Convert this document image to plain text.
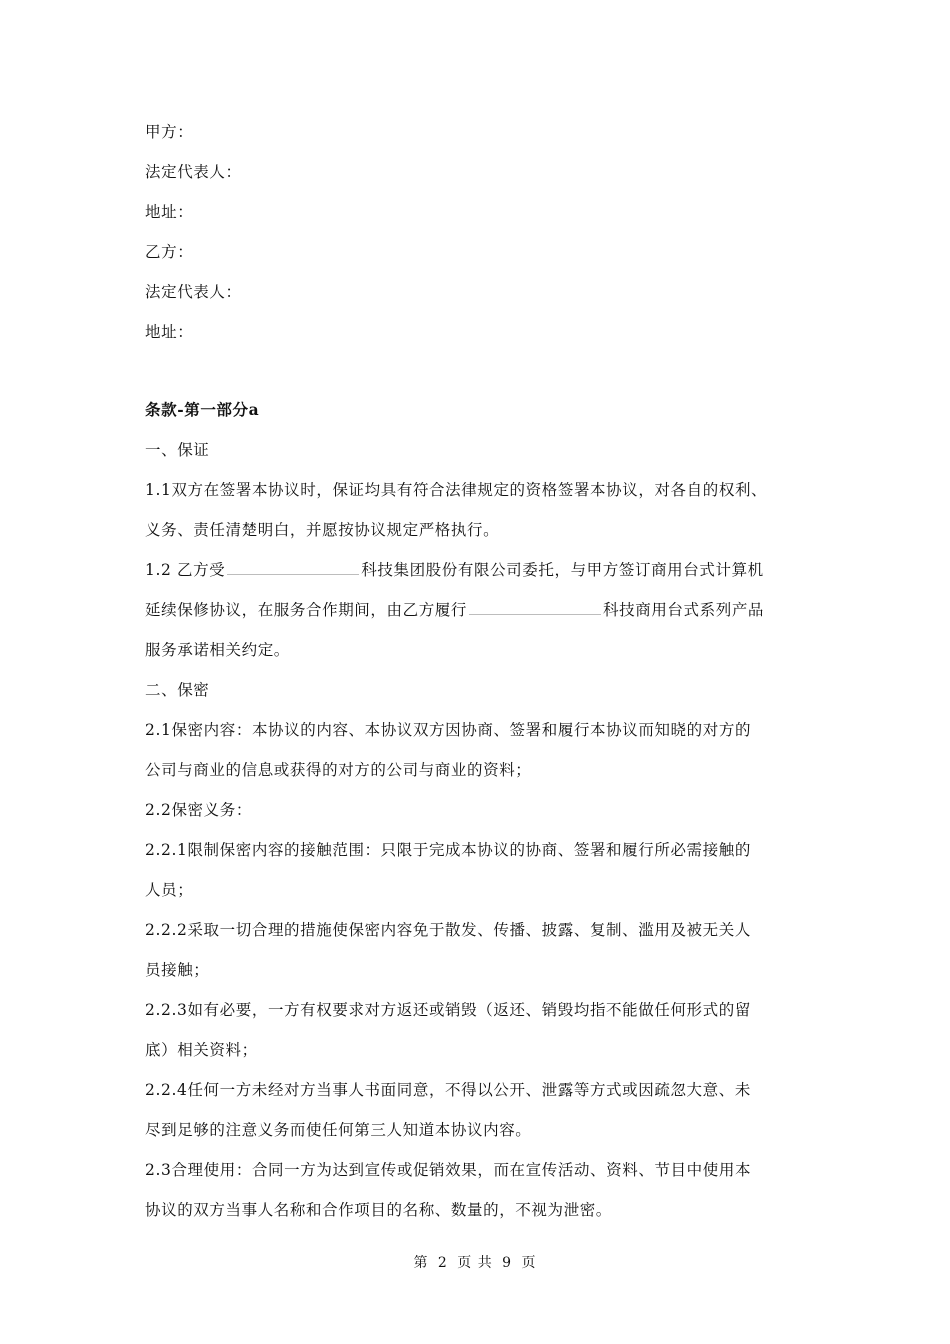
甲方：
法定代表人：
地址：
乙方：
法定代表人：
地址：
条款-第一部分a
一、保证
1.1双方在签署本协议时，保证均具有符合法律规定的资格签署本协议，对各自的权利、
义务、责任清楚明白，并愿按协议规定严格执行。
1.2 乙方受	科技集团股份有限公司委托，与甲方签订商用台式计算机
延续保修协议，在服务合作期间，由乙方履行	科技商用台式系列产品
服务承诺相关约定。
二、保密
2.1保密内容：本协议的内容、本协议双方因协商、签署和履行本协议而知晓的对方的
公司与商业的信息或获得的对方的公司与商业的资料；
2.2保密义务：
2.2.1限制保密内容的接触范围：只限于完成本协议的协商、签署和履行所必需接触的
人员；
2.2.2采取一切合理的措施使保密内容免于散发、传播、披露、复制、滥用及被无关人
员接触；
2.2.3如有必要，一方有权要求对方返还或销毁（返还、销毁均指不能做任何形式的留
底）相关资料；
2.2.4任何一方未经对方当事人书面同意，不得以公开、泄露等方式或因疏忽大意、未
尽到足够的注意义务而使任何第三人知道本协议内容。
2.3合理使用：合同一方为达到宣传或促销效果，而在宣传活动、资料、节目中使用本
协议的双方当事人名称和合作项目的名称、数量的，不视为泄密。
第 2 页 共 9 页
